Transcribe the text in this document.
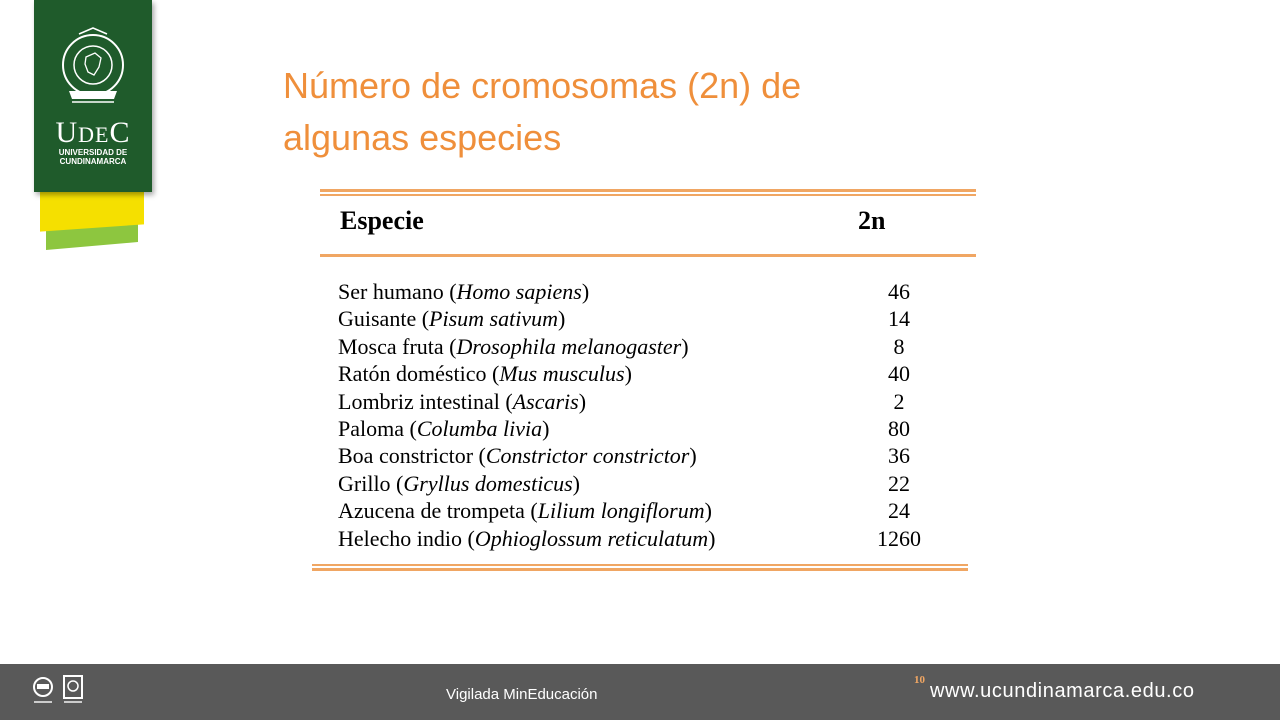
UDEC
UNIVERSIDAD DE
CUNDINAMARCA
Número de cromosomas (2n) de algunas especies
Especie	2n
Ser humano (Homo sapiens)	46
Guisante (Pisum sativum)	14
Mosca fruta (Drosophila melanogaster)	8
Ratón doméstico (Mus musculus)	40
Lombriz intestinal (Ascaris)	2
Paloma (Columba livia)	80
Boa constrictor (Constrictor constrictor)	36
Grillo (Gryllus domesticus)	22
Azucena de trompeta (Lilium longiflorum)	24
Helecho indio (Ophioglossum reticulatum)	1260
Vigilada MinEducación
10 www.ucundinamarca.edu.co
